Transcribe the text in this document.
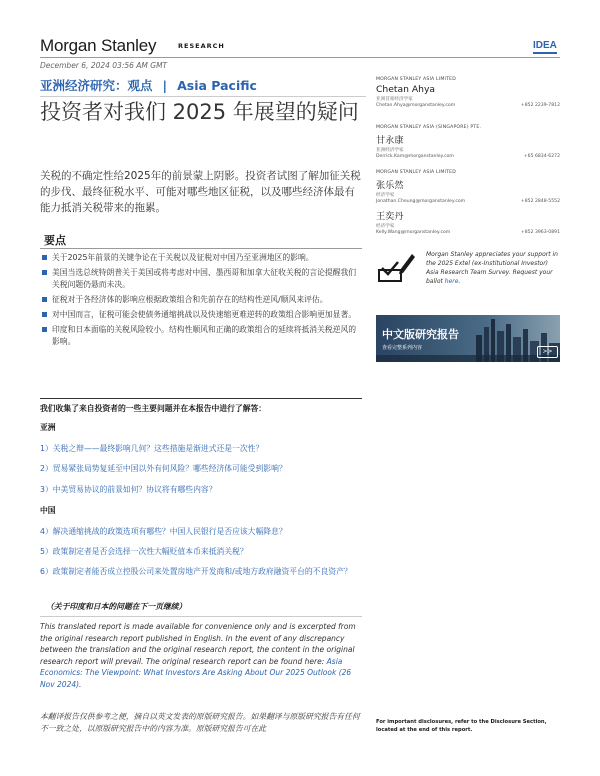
Morgan Stanley	RESEARCH	IDEA
December 6, 2024 03:56 AM GMT
亚洲经济研究：观点 | Asia Pacific
投资者对我们 2025 年展望的疑问
关税的不确定性给2025年的前景蒙上阴影。投资者试图了解加征关税的步伐、最终征税水平、可能对哪些地区征税，以及哪些经济体最有能力抵消关税带来的拖累。
要点
关于2025年前景的关键争论在于关税以及征税对中国乃至亚洲地区的影响。
美国当选总统特朗普关于美国或将考虑对中国、墨西哥和加拿大征收关税的言论提醒我们关税问题仍悬而未决。
征税对于各经济体的影响应根据政策组合和先前存在的结构性逆风/顺风来评估。
对中国而言，征税可能会使债务通缩挑战以及快速缩更难逆转的政策组合影响更加显著。
印度和日本面临的关税风险较小。结构性顺风和正确的政策组合的延续将抵消关税逆风的影响。
我们收集了来自投资者的一些主要问题并在本报告中进行了解答：
亚洲
1）关税之辩——最终影响几何？这些措施是渐进式还是一次性？
2）贸易紧张局势复延至中国以外有何风险？哪些经济体可能受到影响？
3）中美贸易协议的前景如何？协议将有哪些内容？
中国
4）解决通缩挑战的政策选项有哪些？中国人民银行是否应该大幅降息？
5）政策制定者是否会选择一次性大幅贬值本币来抵消关税？
6）政策制定者能否成立控股公司来处置房地产开发商和/或地方政府融资平台的不良资产？
（关于印度和日本的问题在下一页继续）
This translated report is made available for convenience only and is excerpted from the original research report published in English. In the event of any discrepancy between the translation and the original research report, the content in the original research report will prevail. The original research report can be found here: Asia Economics: The Viewpoint: What Investors Are Asking About Our 2025 Outlook (26 Nov 2024).
本翻译报告仅供参考之便，摘自以英文发表的原版研究报告。如果翻译与原版研究报告有任何不一致之处，以原版研究报告中的内容为准。原版研究报告可在此
MORGAN STANLEY ASIA LIMITED
Chetan Ahya
亚洲首席经济学家
Chetan.Ahya@morganstanley.com	+852 2239-7812
MORGAN STANLEY ASIA (SINGAPORE) PTE.
甘永康
亚洲经济学家
Derrick.Kam@morganstanley.com	+65 6834-6272
MORGAN STANLEY ASIA LIMITED
张乐然
经济学家
Jonathan.Cheung@morganstanley.com	+852 2848-5552
王奕丹
经济学家
Kelly.Wang@morganstanley.com	+852 3963-0891
Morgan Stanley appreciates your support in the 2025 Extel (ex-Institutional Investor) Asia Research Team Survey. Request your ballot here.
中文版研究报告
查看完整系列内容	>>
For important disclosures, refer to the Disclosure Section, located at the end of this report.
